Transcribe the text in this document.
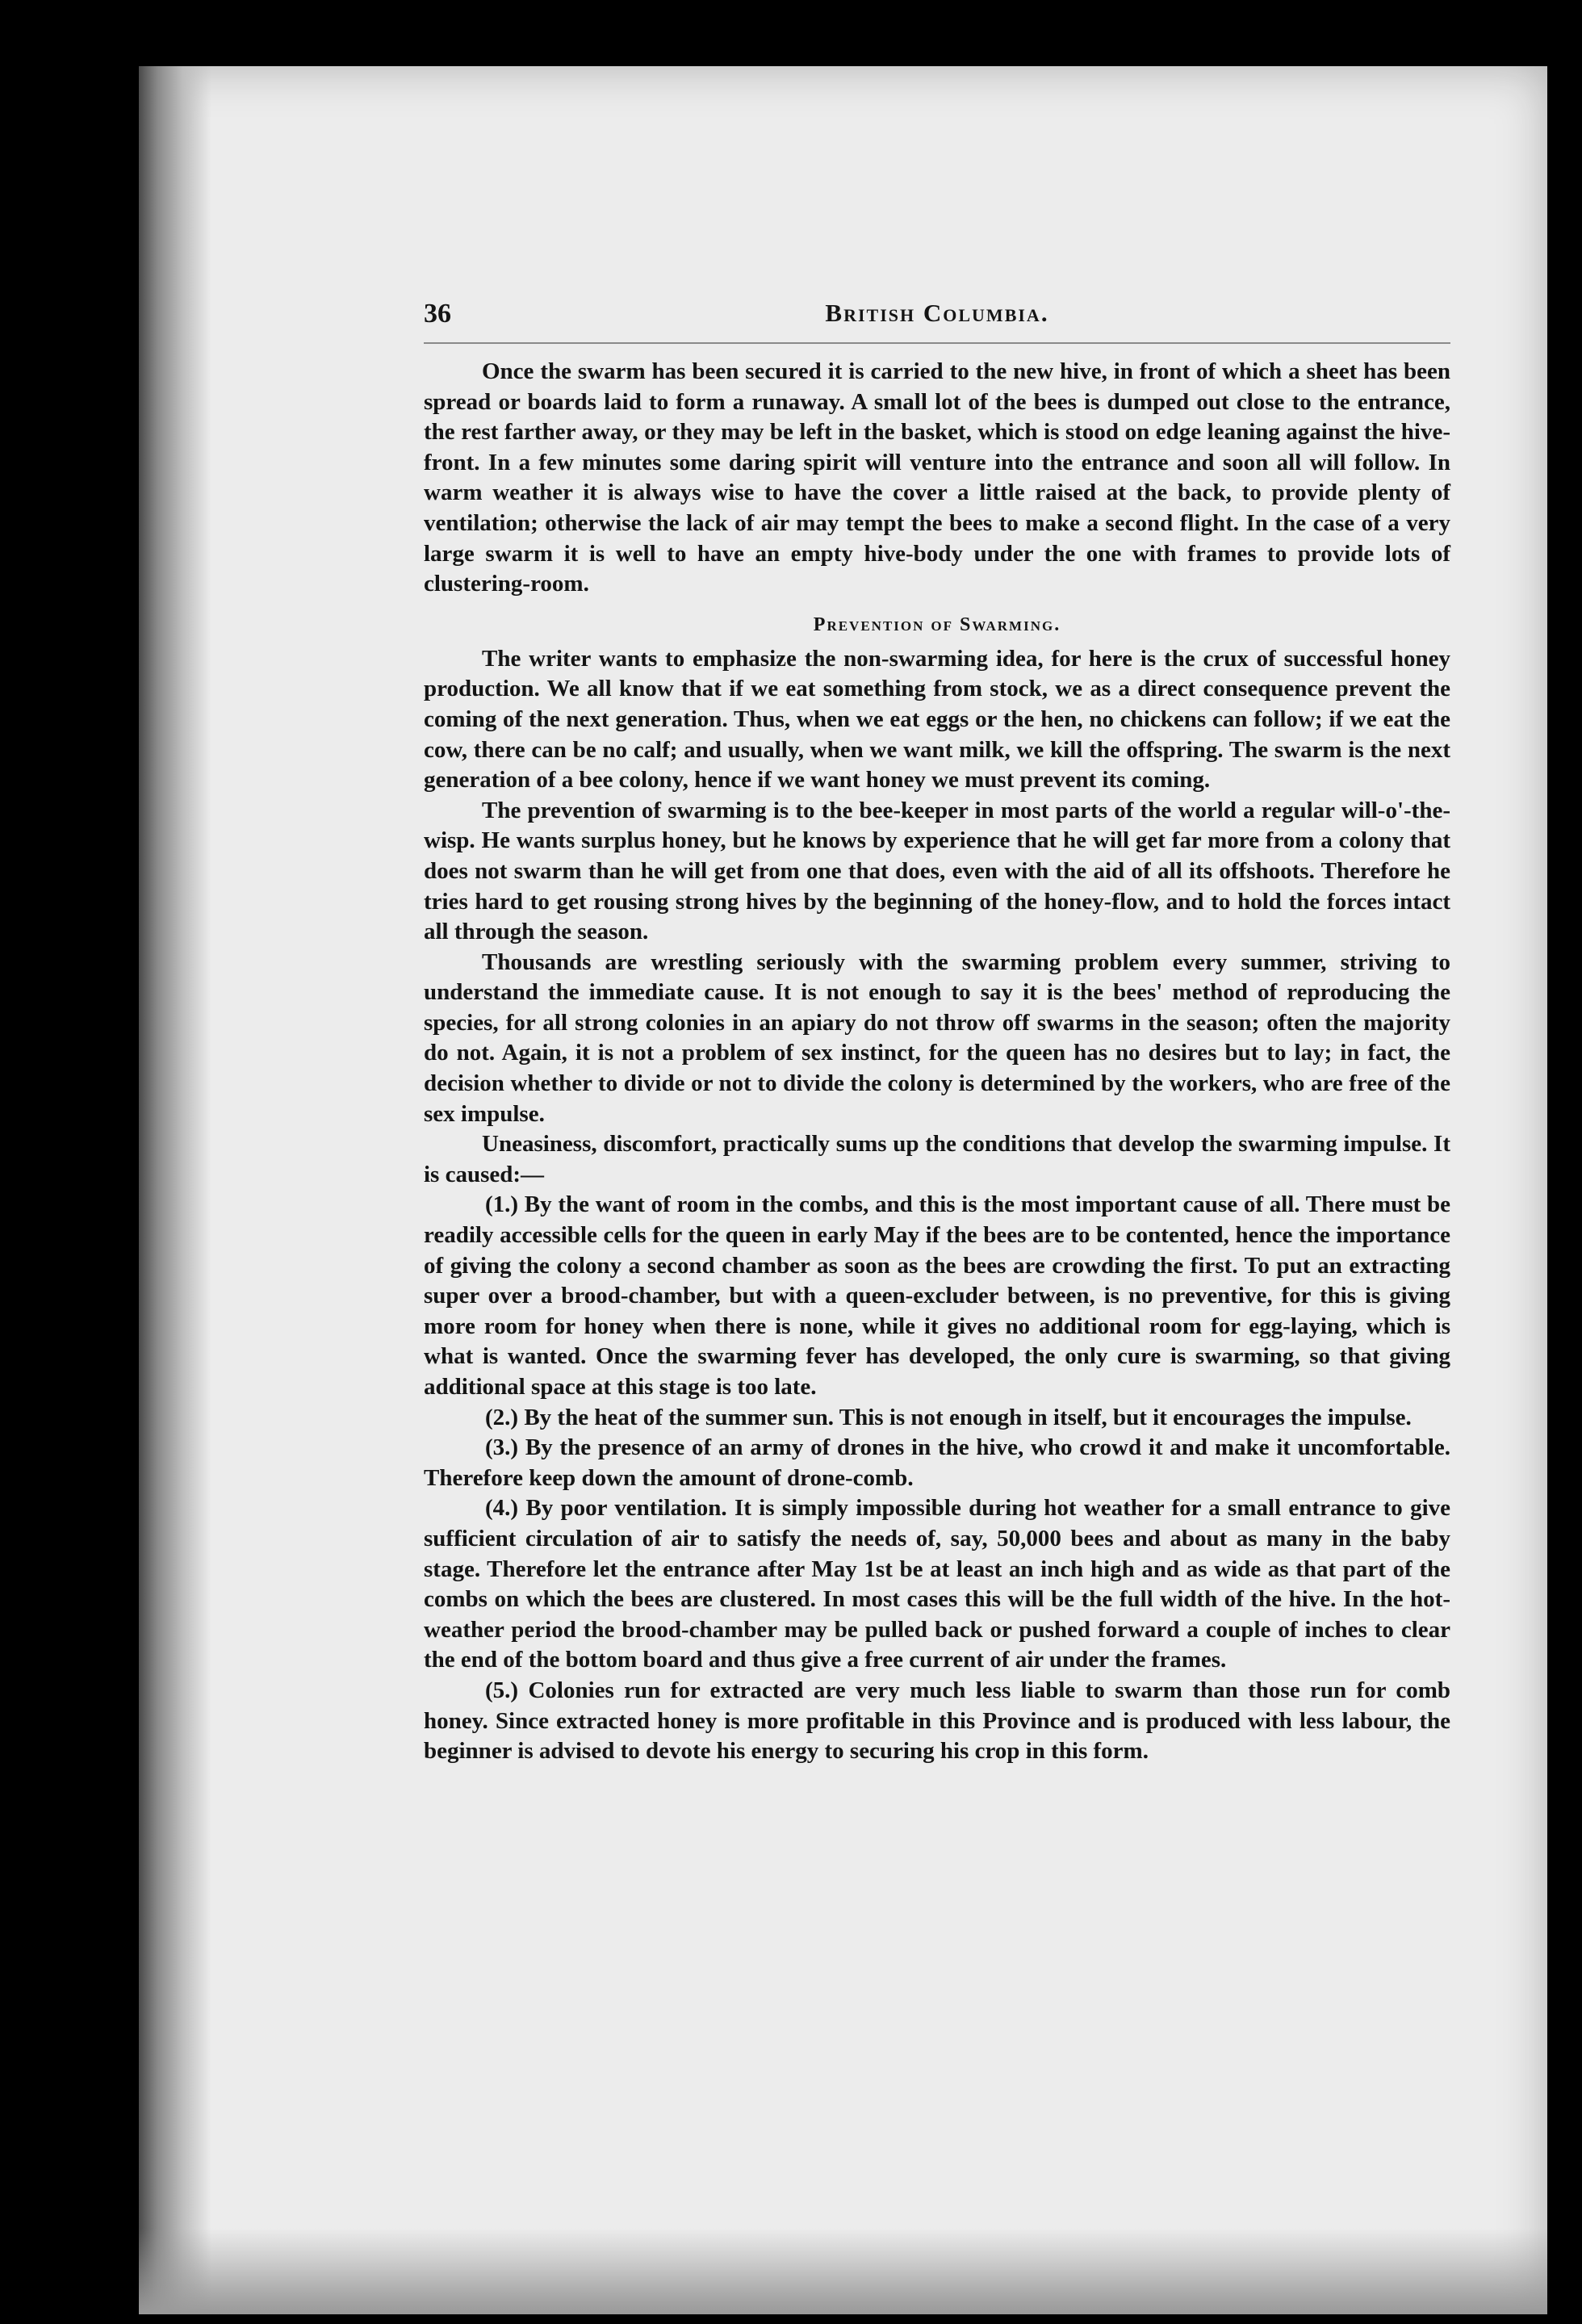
36	British Columbia.

Once the swarm has been secured it is carried to the new hive, in front of which a sheet has been spread or boards laid to form a runaway. A small lot of the bees is dumped out close to the entrance, the rest farther away, or they may be left in the basket, which is stood on edge leaning against the hive-front. In a few minutes some daring spirit will venture into the entrance and soon all will follow. In warm weather it is always wise to have the cover a little raised at the back, to provide plenty of ventilation; otherwise the lack of air may tempt the bees to make a second flight. In the case of a very large swarm it is well to have an empty hive-body under the one with frames to provide lots of clustering-room.

Prevention of Swarming.

The writer wants to emphasize the non-swarming idea, for here is the crux of successful honey production. We all know that if we eat something from stock, we as a direct consequence prevent the coming of the next generation. Thus, when we eat eggs or the hen, no chickens can follow; if we eat the cow, there can be no calf; and usually, when we want milk, we kill the offspring. The swarm is the next generation of a bee colony, hence if we want honey we must prevent its coming.

The prevention of swarming is to the bee-keeper in most parts of the world a regular will-o'-the-wisp. He wants surplus honey, but he knows by experience that he will get far more from a colony that does not swarm than he will get from one that does, even with the aid of all its offshoots. Therefore he tries hard to get rousing strong hives by the beginning of the honey-flow, and to hold the forces intact all through the season.

Thousands are wrestling seriously with the swarming problem every summer, striving to understand the immediate cause. It is not enough to say it is the bees' method of reproducing the species, for all strong colonies in an apiary do not throw off swarms in the season; often the majority do not. Again, it is not a problem of sex instinct, for the queen has no desires but to lay; in fact, the decision whether to divide or not to divide the colony is determined by the workers, who are free of the sex impulse.

Uneasiness, discomfort, practically sums up the conditions that develop the swarming impulse. It is caused:—

(1.) By the want of room in the combs, and this is the most important cause of all. There must be readily accessible cells for the queen in early May if the bees are to be contented, hence the importance of giving the colony a second chamber as soon as the bees are crowding the first. To put an extracting super over a brood-chamber, but with a queen-excluder between, is no preventive, for this is giving more room for honey when there is none, while it gives no additional room for egg-laying, which is what is wanted. Once the swarming fever has developed, the only cure is swarming, so that giving additional space at this stage is too late.

(2.) By the heat of the summer sun. This is not enough in itself, but it encourages the impulse.

(3.) By the presence of an army of drones in the hive, who crowd it and make it uncomfortable. Therefore keep down the amount of drone-comb.

(4.) By poor ventilation. It is simply impossible during hot weather for a small entrance to give sufficient circulation of air to satisfy the needs of, say, 50,000 bees and about as many in the baby stage. Therefore let the entrance after May 1st be at least an inch high and as wide as that part of the combs on which the bees are clustered. In most cases this will be the full width of the hive. In the hot-weather period the brood-chamber may be pulled back or pushed forward a couple of inches to clear the end of the bottom board and thus give a free current of air under the frames.

(5.) Colonies run for extracted are very much less liable to swarm than those run for comb honey. Since extracted honey is more profitable in this Province and is produced with less labour, the beginner is advised to devote his energy to securing his crop in this form.
